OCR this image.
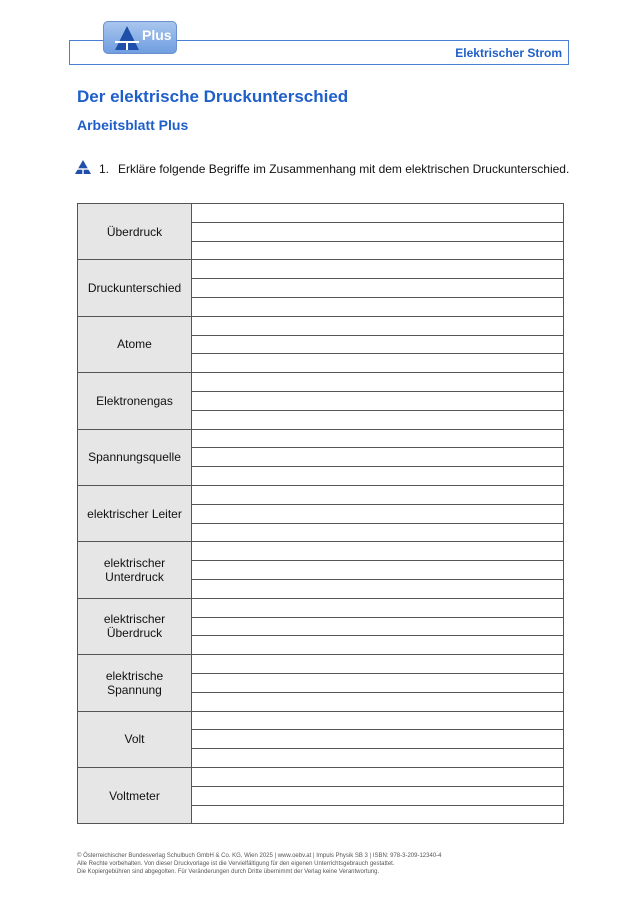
Elektrischer Strom
Plus
Der elektrische Druckunterschied
Arbeitsblatt Plus
1. Erkläre folgende Begriffe im Zusammenhang mit dem elektrischen Druckunterschied.
Überdruck	

Druckunterschied	

Atome	

Elektronengas	

Spannungsquelle	

elektrischer Leiter	

elektrischer
Unterdruck	

elektrischer
Überdruck	

elektrische
Spannung	

Volt	

Voltmeter	

© Österreichischer Bundesverlag Schulbuch GmbH & Co. KG, Wien 2025 | www.oebv.at | Impuls Physik SB 3 | ISBN: 978-3-209-12340-4
Alle Rechte vorbehalten. Von dieser Druckvorlage ist die Vervielfältigung für den eigenen Unterrichtsgebrauch gestattet.
Die Kopiergebühren sind abgegolten. Für Veränderungen durch Dritte übernimmt der Verlag keine Verantwortung.
